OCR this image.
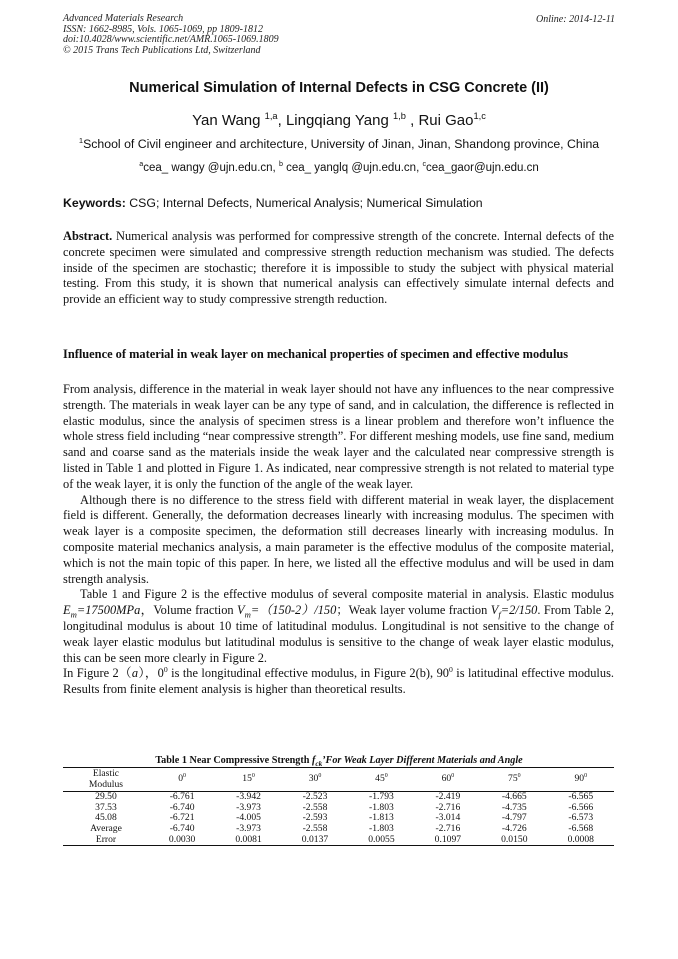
Advanced Materials Research
ISSN: 1662-8985, Vols. 1065-1069, pp 1809-1812
doi:10.4028/www.scientific.net/AMR.1065-1069.1809
© 2015 Trans Tech Publications Ltd, Switzerland
Online: 2014-12-11
Numerical Simulation of Internal Defects in CSG Concrete (II)
Yan Wang $^{1,a}$, Lingqiang Yang $^{1,b}$ , Rui Gao$^{1,c}$
$^1$School of Civil engineer and architecture, University of Jinan, Jinan, Shandong province, China
$^a$cea_ wangy @ujn.edu.cn, $^b$ cea_ yanglq @ujn.edu.cn, $^c$cea_gaor@ujn.edu.cn
Keywords: CSG; Internal Defects, Numerical Analysis; Numerical Simulation
Abstract. Numerical analysis was performed for compressive strength of the concrete. Internal defects of the concrete specimen were simulated and compressive strength reduction mechanism was studied. The defects inside of the specimen are stochastic; therefore it is impossible to study the subject with physical material testing. From this study, it is shown that numerical analysis can effectively simulate internal defects and provide an efficient way to study compressive strength reduction.
Influence of material in weak layer on mechanical properties of specimen and effective modulus

From analysis, difference in the material in weak layer should not have any influences to the near compressive strength. The materials in weak layer can be any type of sand, and in calculation, the difference is reflected in elastic modulus, since the analysis of specimen stress is a linear problem and therefore won’t influence the whole stress field including “near compressive strength”. For different meshing models, use fine sand, medium sand and coarse sand as the materials inside the weak layer and the calculated near compressive strength is listed in Table 1 and plotted in Figure 1. As indicated, near compressive strength is not related to material type of the weak layer, it is only the function of the angle of the weak layer.

Although there is no difference to the stress field with different material in weak layer, the displacement field is different. Generally, the deformation decreases linearly with increasing modulus. The specimen with weak layer is a composite specimen, the deformation still decreases linearly with increasing modulus. In composite material mechanics analysis, a main parameter is the effective modulus of the composite material, which is not the main topic of this paper. In here, we listed all the effective modulus and will be used in dam strength analysis.

Table 1 and Figure 2 is the effective modulus of several composite material in analysis. Elastic modulus $E_m=17500MPa$，Volume fraction $V_m=(150-2)/150$；Weak layer volume fraction $V_f=2/150$. From Table 2, longitudinal modulus is about 10 time of latitudinal modulus. Longitudinal is not sensitive to the change of weak layer elastic modulus but latitudinal modulus is sensitive to the change of weak layer elastic modulus, this can be seen more clearly in Figure 2.

In Figure 2（a），$0^0$ is the longitudinal effective modulus, in Figure 2(b), $90^0$ is latitudinal effective modulus. Results from finite element analysis is higher than theoretical results.

Table 1 Near Compressive Strength $f_{ck}’For$ Weak Layer Different Materials and Angle
Elastic
Modulus	$0^0$	$15^0$	$30^0$	$45^0$	$60^0$	$75^0$	$90^0$
29.50	-6.761	-3.942	-2.523	-1.793	-2.419	-4.665	-6.565
37.53	-6.740	-3.973	-2.558	-1.803	-2.716	-4.735	-6.566
45.08	-6.721	-4.005	-2.593	-1.813	-3.014	-4.797	-6.573
Average	-6.740	-3.973	-2.558	-1.803	-2.716	-4.726	-6.568
Error	0.0030	0.0081	0.0137	0.0055	0.1097	0.0150	0.0008
